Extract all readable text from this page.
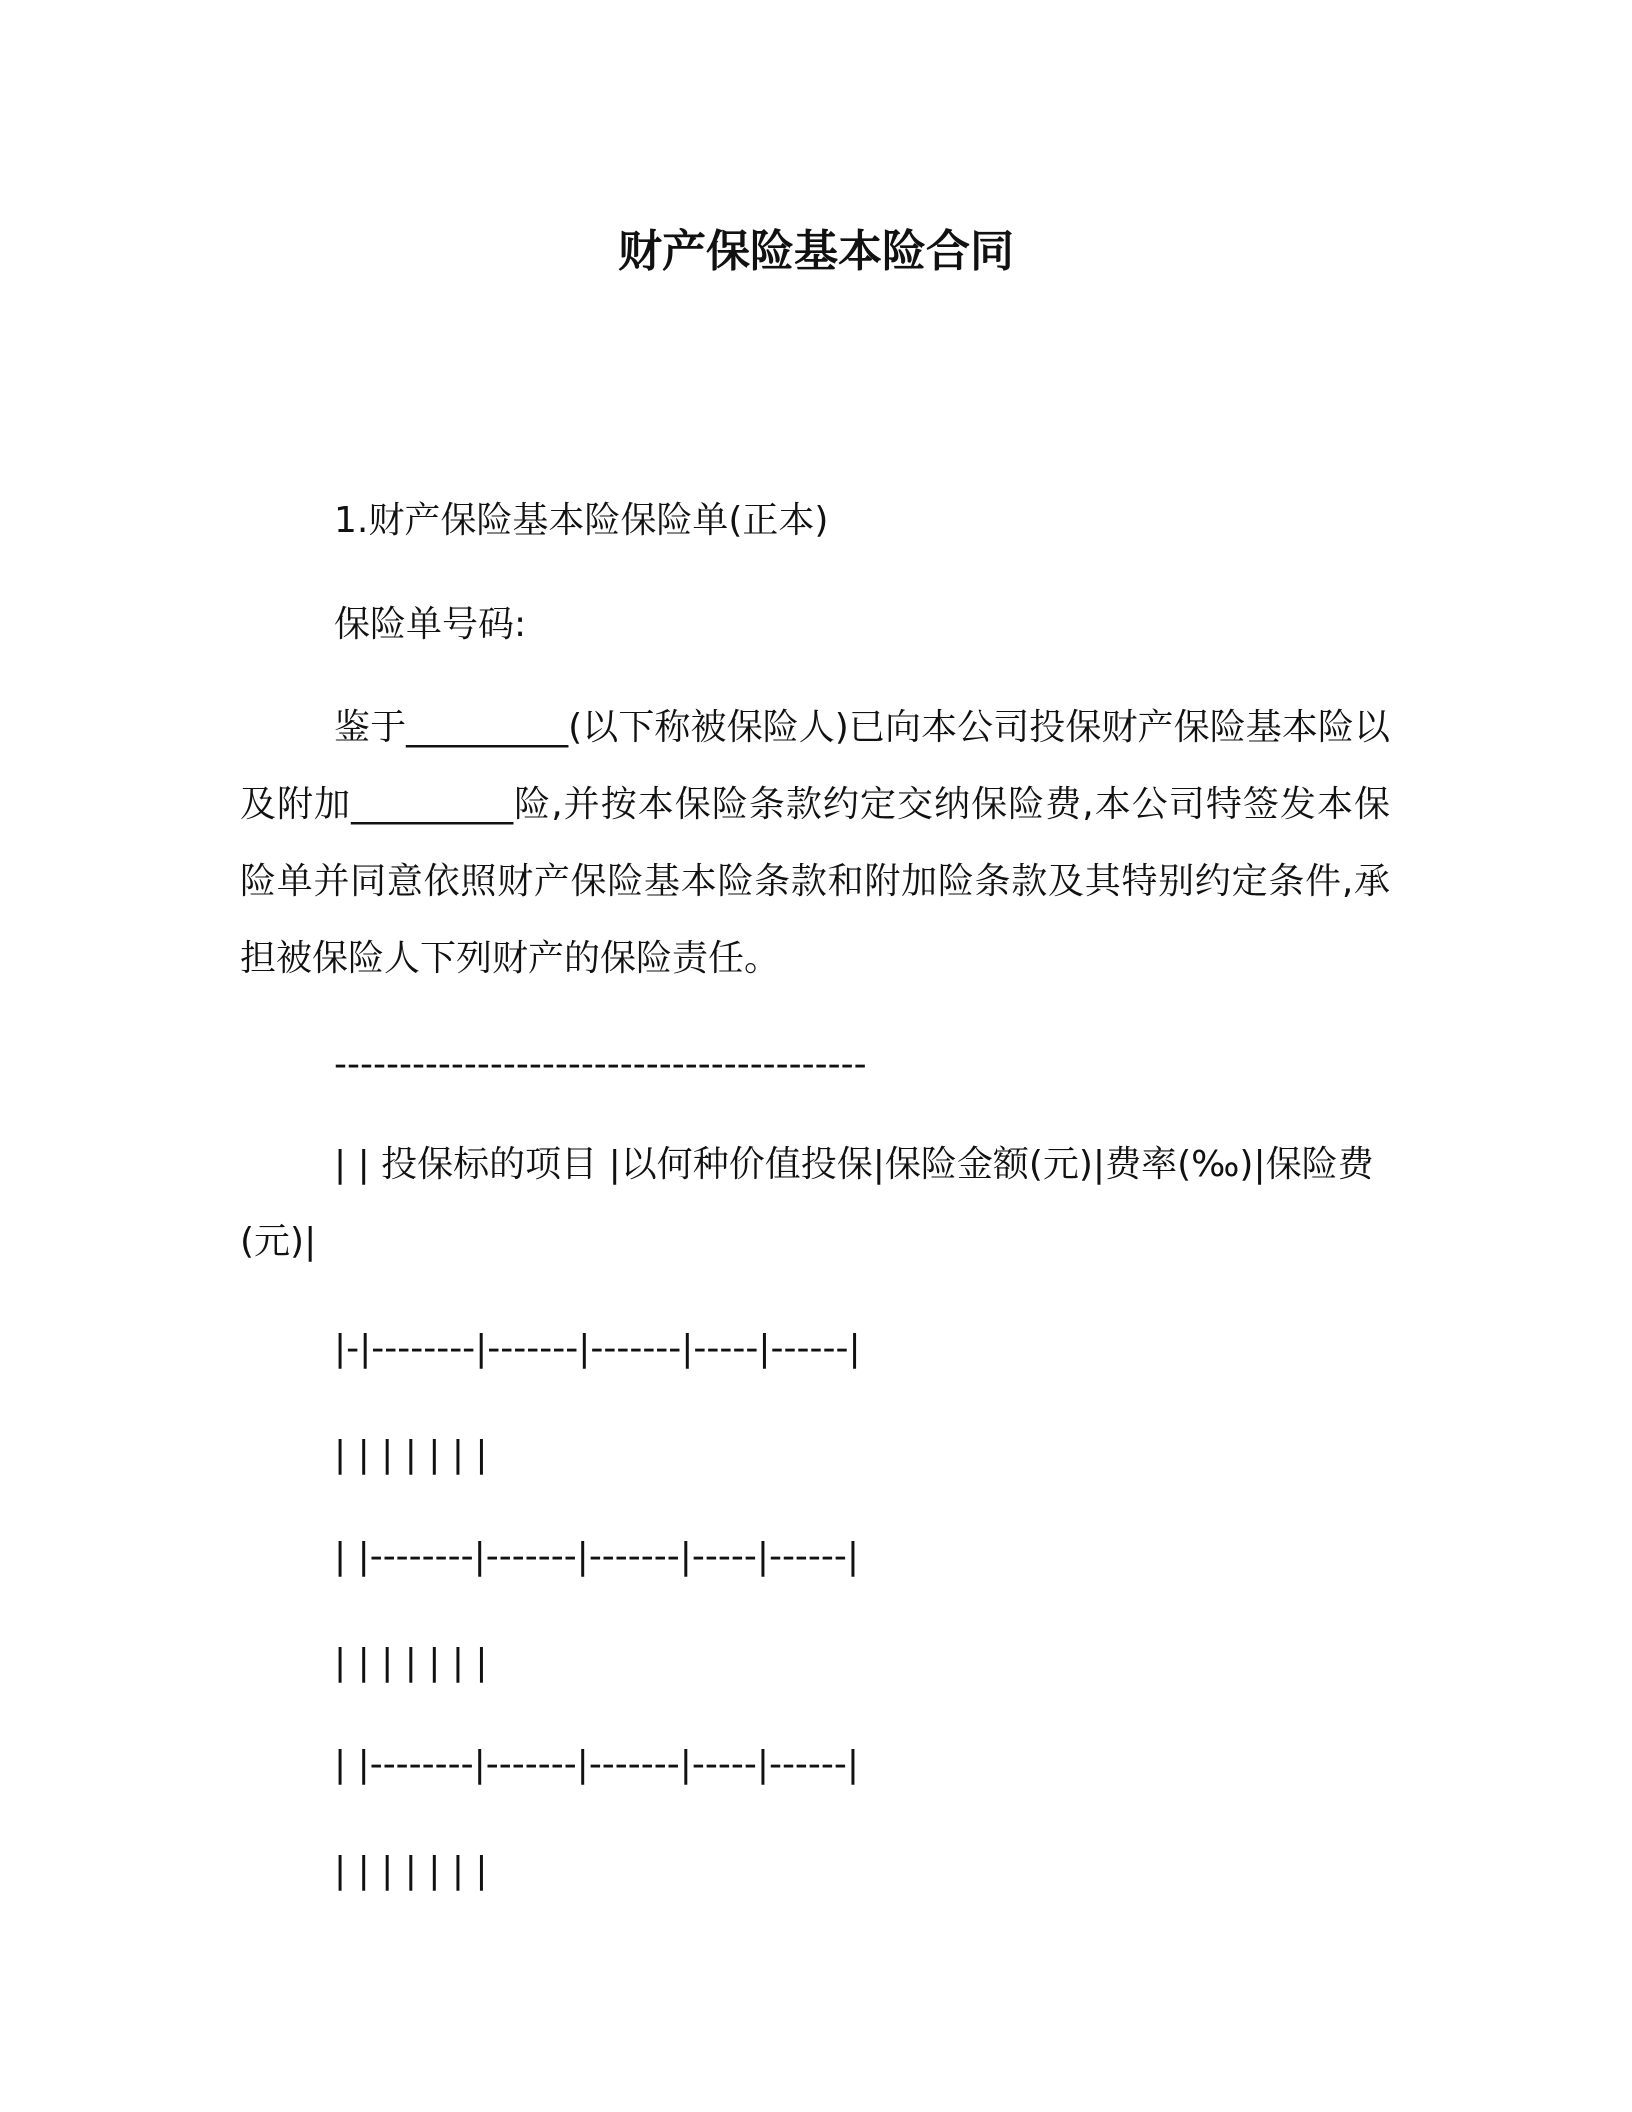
财产保险基本险合同
1.财产保险基本险保险单(正本)
保险单号码:
鉴于_________(以下称被保险人)已向本公司投保财产保险基本险以及附加_________险,并按本保险条款约定交纳保险费,本公司特签发本保险单并同意依照财产保险基本险条款和附加险条款及其特别约定条件,承担被保险人下列财产的保险责任。
-----------------------------------------
| | 投保标的项目 |以何种价值投保|保险金额(元)|费率(‰)|保险费(元)|
|-|--------|-------|-------|-----|------|
| | | | | | |
| |--------|-------|-------|-----|------|
| | | | | | |
| |--------|-------|-------|-----|------|
| | | | | | |
